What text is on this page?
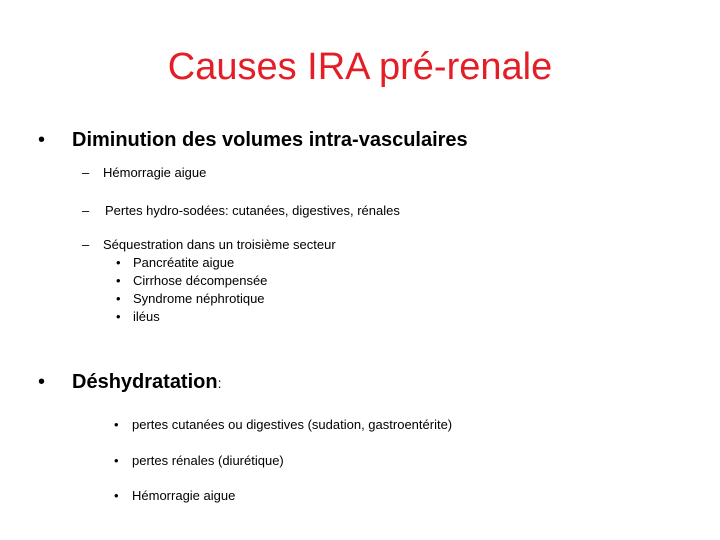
Causes IRA pré-renale
• Diminution des volumes intra-vasculaires
– Hémorragie aigue
– Pertes hydro-sodées: cutanées, digestives, rénales
– Séquestration dans un troisième secteur
• Pancréatite aigue
• Cirrhose décompensée
• Syndrome néphrotique
• iléus
• Déshydratation:
• pertes cutanées ou digestives (sudation, gastroentérite)
• pertes rénales (diurétique)
• Hémorragie aigue
